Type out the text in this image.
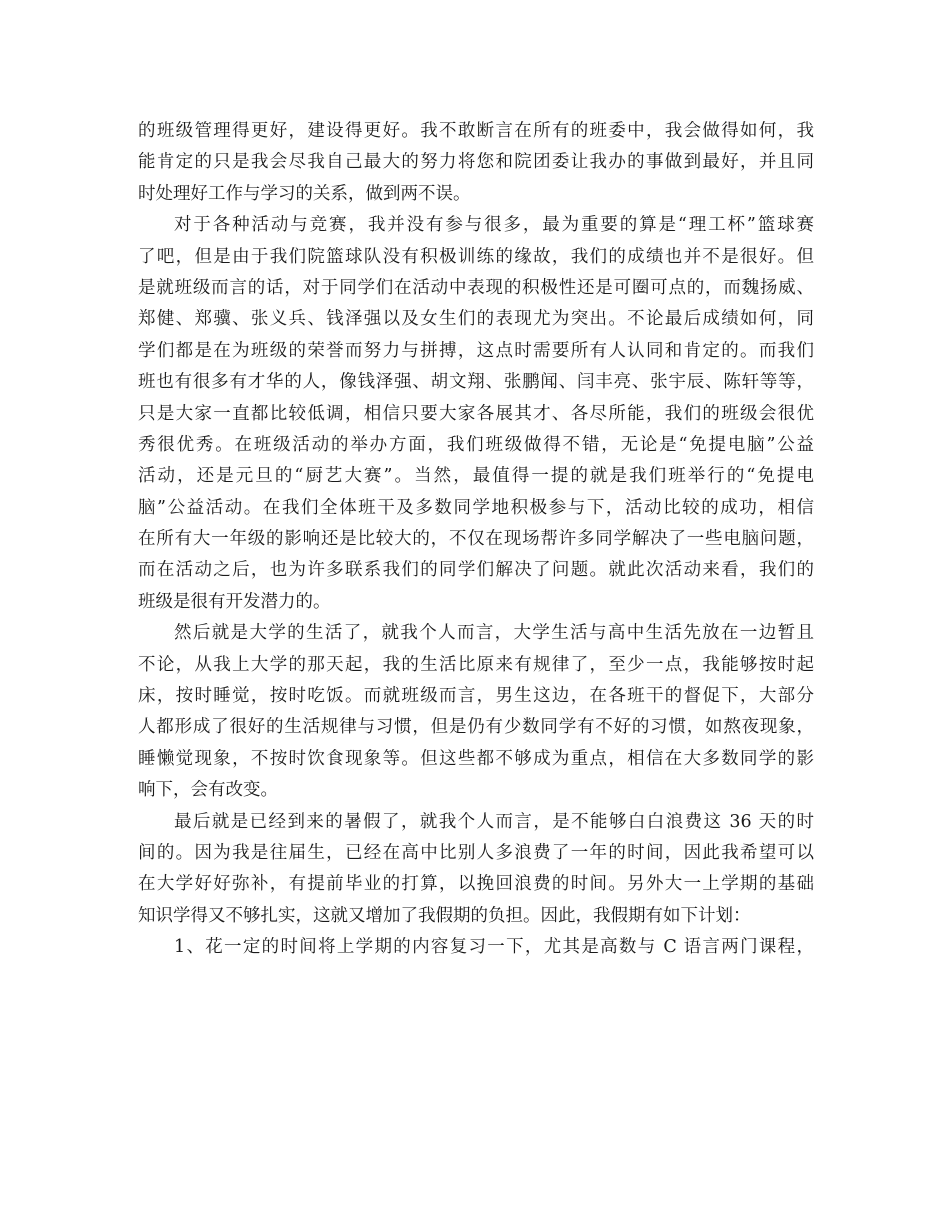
的班级管理得更好，建设得更好。我不敢断言在所有的班委中，我会做得如何，我
能肯定的只是我会尽我自己最大的努力将您和院团委让我办的事做到最好，并且同
时处理好工作与学习的关系，做到两不误。
对于各种活动与竞赛，我并没有参与很多，最为重要的算是“理工杯”篮球赛
了吧，但是由于我们院篮球队没有积极训练的缘故，我们的成绩也并不是很好。但
是就班级而言的话，对于同学们在活动中表现的积极性还是可圈可点的，而魏扬威、
郑健、郑骥、张义兵、钱泽强以及女生们的表现尤为突出。不论最后成绩如何，同
学们都是在为班级的荣誉而努力与拼搏，这点时需要所有人认同和肯定的。而我们
班也有很多有才华的人，像钱泽强、胡文翔、张鹏闻、闫丰亮、张宇辰、陈轩等等，
只是大家一直都比较低调，相信只要大家各展其才、各尽所能，我们的班级会很优
秀很优秀。在班级活动的举办方面，我们班级做得不错，无论是“免提电脑”公益
活动，还是元旦的“厨艺大赛”。当然，最值得一提的就是我们班举行的“免提电
脑”公益活动。在我们全体班干及多数同学地积极参与下，活动比较的成功，相信
在所有大一年级的影响还是比较大的，不仅在现场帮许多同学解决了一些电脑问题，
而在活动之后，也为许多联系我们的同学们解决了问题。就此次活动来看，我们的
班级是很有开发潜力的。
然后就是大学的生活了，就我个人而言，大学生活与高中生活先放在一边暂且
不论，从我上大学的那天起，我的生活比原来有规律了，至少一点，我能够按时起
床，按时睡觉，按时吃饭。而就班级而言，男生这边，在各班干的督促下，大部分
人都形成了很好的生活规律与习惯，但是仍有少数同学有不好的习惯，如熬夜现象，
睡懒觉现象，不按时饮食现象等。但这些都不够成为重点，相信在大多数同学的影
响下，会有改变。
最后就是已经到来的暑假了，就我个人而言，是不能够白白浪费这 36 天的时
间的。因为我是往届生，已经在高中比别人多浪费了一年的时间，因此我希望可以
在大学好好弥补，有提前毕业的打算，以挽回浪费的时间。另外大一上学期的基础
知识学得又不够扎实，这就又增加了我假期的负担。因此，我假期有如下计划：
1、花一定的时间将上学期的内容复习一下，尤其是高数与 C 语言两门课程，
